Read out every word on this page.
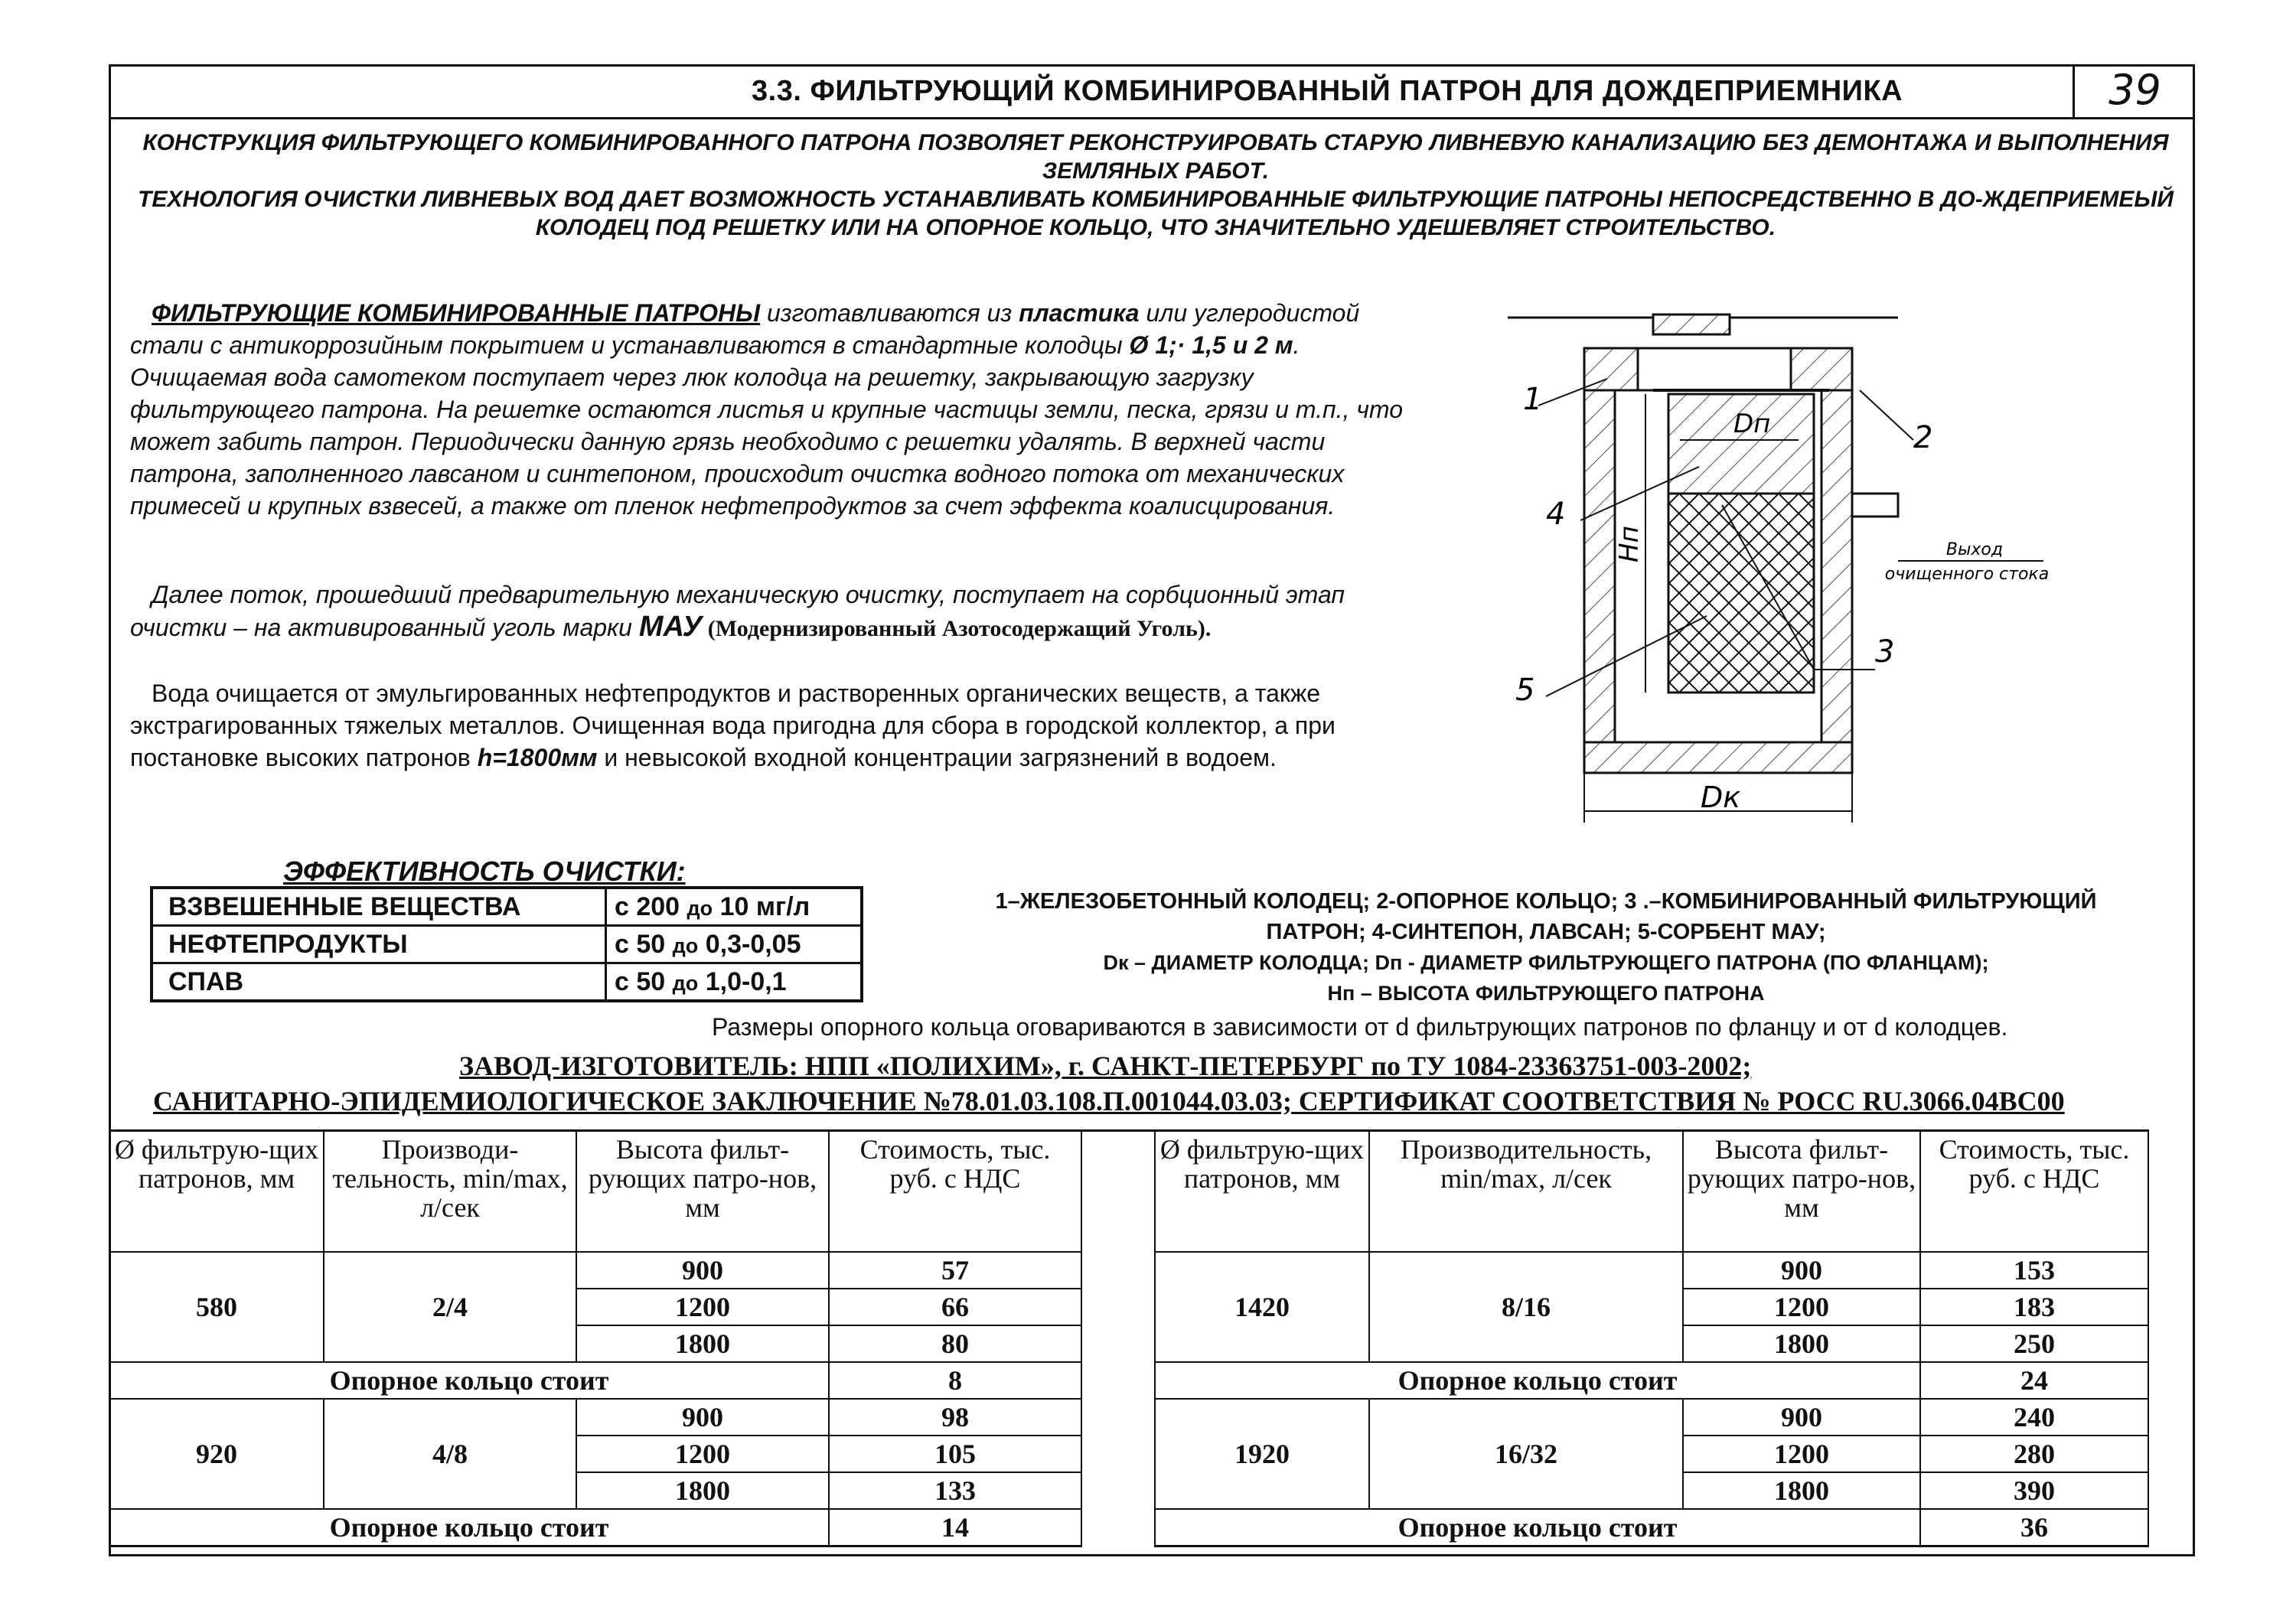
3.3. ФИЛЬТРУЮЩИЙ КОМБИНИРОВАННЫЙ ПАТРОН ДЛЯ ДОЖДЕПРИЕМНИКА	39
КОНСТРУКЦИЯ ФИЛЬТРУЮЩЕГО КОМБИНИРОВАННОГО ПАТРОНА ПОЗВОЛЯЕТ РЕКОНСТРУИРОВАТЬ СТАРУЮ ЛИВНЕВУЮ КАНАЛИЗАЦИЮ БЕЗ ДЕМОНТАЖА И ВЫПОЛНЕНИЯ ЗЕМЛЯНЫХ РАБОТ.
ТЕХНОЛОГИЯ ОЧИСТКИ ЛИВНЕВЫХ ВОД ДАЕТ ВОЗМОЖНОСТЬ УСТАНАВЛИВАТЬ КОМБИНИРОВАННЫЕ ФИЛЬТРУЮЩИЕ ПАТРОНЫ НЕПОСРЕДСТВЕННО В ДО-ЖДЕПРИЕМЕЫЙ КОЛОДЕЦ ПОД РЕШЕТКУ ИЛИ НА ОПОРНОЕ КОЛЬЦО, ЧТО ЗНАЧИТЕЛЬНО УДЕШЕВЛЯЕТ СТРОИТЕЛЬСТВО.
ФИЛЬТРУЮЩИЕ КОМБИНИРОВАННЫЕ ПАТРОНЫ изготавливаются из пластика или углеродистой стали с антикоррозийным покрытием и устанавливаются в стандартные колодцы Ø 1;· 1,5 и 2 м. Очищаемая вода самотеком поступает через люк колодца на решетку, закрывающую загрузку фильтрующего патрона. На решетке остаются листья и крупные частицы земли, песка, грязи и т.п., что может забить патрон. Периодически данную грязь необходимо с решетки удалять. В верхней части патрона, заполненного лавсаном и синтепоном, происходит очистка водного потока от механических примесей и крупных взвесей, а также от пленок нефтепродуктов за счет эффекта коалисцирования.
Далее поток, прошедший предварительную механическую очистку, поступает на сорбционный этап очистки – на активированный уголь марки МАУ (Модернизированный Азотосодержащий Уголь).
Вода очищается от эмульгированных нефтепродуктов и растворенных органических веществ, а также экстрагированных тяжелых металлов. Очищенная вода пригодна для сбора в городской коллектор, а при постановке высоких патронов h=1800мм и невысокой входной концентрации загрязнений в водоем.
Dп
Нп
Dк
1
2
3
4
5
Выход
очищенного стока
ЭФФЕКТИВНОСТЬ ОЧИСТКИ:
ВЗВЕШЕННЫЕ ВЕЩЕСТВА	с 200 до 10 мг/л
НЕФТЕПРОДУКТЫ	с 50 до 0,3-0,05
СПАВ	с 50 до 1,0-0,1
1–ЖЕЛЕЗОБЕТОННЫЙ КОЛОДЕЦ; 2-ОПОРНОЕ КОЛЬЦО; 3 .–КОМБИНИРОВАННЫЙ ФИЛЬТРУЮЩИЙ
ПАТРОН; 4-СИНТЕПОН, ЛАВСАН; 5-СОРБЕНТ МАУ;
Dк – ДИАМЕТР КОЛОДЦА; Dп - ДИАМЕТР ФИЛЬТРУЮЩЕГО ПАТРОНА (ПО ФЛАНЦАМ);
Нп – ВЫСОТА ФИЛЬТРУЮЩЕГО ПАТРОНА
Размеры опорного кольца оговариваются в зависимости от d фильтрующих патронов по фланцу и от d колодцев.
ЗАВОД-ИЗГОТОВИТЕЛЬ: НПП «ПОЛИХИМ», г. САНКТ-ПЕТЕРБУРГ по ТУ 1084-23363751-003-2002;
САНИТАРНО-ЭПИДЕМИОЛОГИЧЕСКОЕ ЗАКЛЮЧЕНИЕ №78.01.03.108.П.001044.03.03; СЕРТИФИКАТ СООТВЕТСТВИЯ № РОСС RU.3066.04ВС00
Ø фильтрую-щих патронов, мм	Производи-тельность, min/max, л/сек	Высота фильт-рующих патро-нов, мм	Стоимость, тыс. руб. с НДС
580	2/4	900	57
		1200	66
		1800	80
Опорное кольцо стоит			8
920	4/8	900	98
		1200	105
		1800	133
Опорное кольцо стоит			14
Ø фильтрую-щих патронов, мм	Производительность, min/max, л/сек	Высота фильт-рующих патро-нов, мм	Стоимость, тыс. руб. с НДС
1420	8/16	900	153
		1200	183
		1800	250
Опорное кольцо стоит			24
1920	16/32	900	240
		1200	280
		1800	390
Опорное кольцо стоит			36
